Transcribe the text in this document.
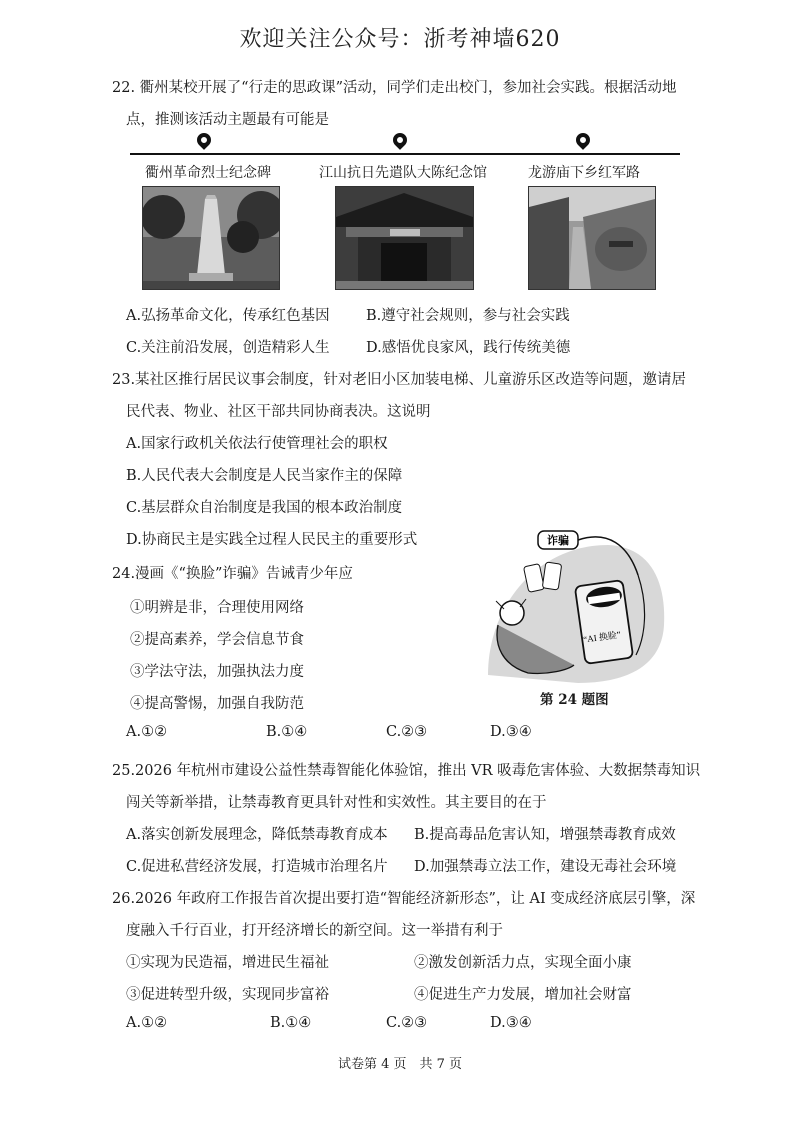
欢迎关注公众号：浙考神墙620
22. 衢州某校开展了“行走的思政课”活动，同学们走出校门，参加社会实践。根据活动地
点，推测该活动主题最有可能是
衢州革命烈士纪念碑	江山抗日先遣队大陈纪念馆	龙游庙下乡红军路
A.弘扬革命文化，传承红色基因	B.遵守社会规则，参与社会实践
C.关注前沿发展，创造精彩人生	D.感悟优良家风，践行传统美德
23.某社区推行居民议事会制度，针对老旧小区加装电梯、儿童游乐区改造等问题，邀请居
民代表、物业、社区干部共同协商表决。这说明
A.国家行政机关依法行使管理社会的职权
B.人民代表大会制度是人民当家作主的保障
C.基层群众自治制度是我国的根本政治制度
D.协商民主是实践全过程人民民主的重要形式
24.漫画《“换脸”诈骗》告诫青少年应
①明辨是非，合理使用网络
②提高素养，学会信息节食
③学法守法，加强执法力度
④提高警惕，加强自我防范
诈骗
“AI 换脸”
第 24 题图
A.①②	B.①④	C.②③	D.③④
25.2026 年杭州市建设公益性禁毒智能化体验馆，推出 VR 吸毒危害体验、大数据禁毒知识
闯关等新举措，让禁毒教育更具针对性和实效性。其主要目的在于
A.落实创新发展理念，降低禁毒教育成本 B.提高毒品危害认知，增强禁毒教育成效
C.促进私营经济发展，打造城市治理名片 D.加强禁毒立法工作，建设无毒社会环境
26.2026 年政府工作报告首次提出要打造“智能经济新形态”，让 AI 变成经济底层引擎，深
度融入千行百业，打开经济增长的新空间。这一举措有利于
①实现为民造福，增进民生福祉	②激发创新活力点，实现全面小康
③促进转型升级，实现同步富裕	④促进生产力发展，增加社会财富
A.①②	B.①④	C.②③	D.③④
试卷第 4 页　共 7 页
